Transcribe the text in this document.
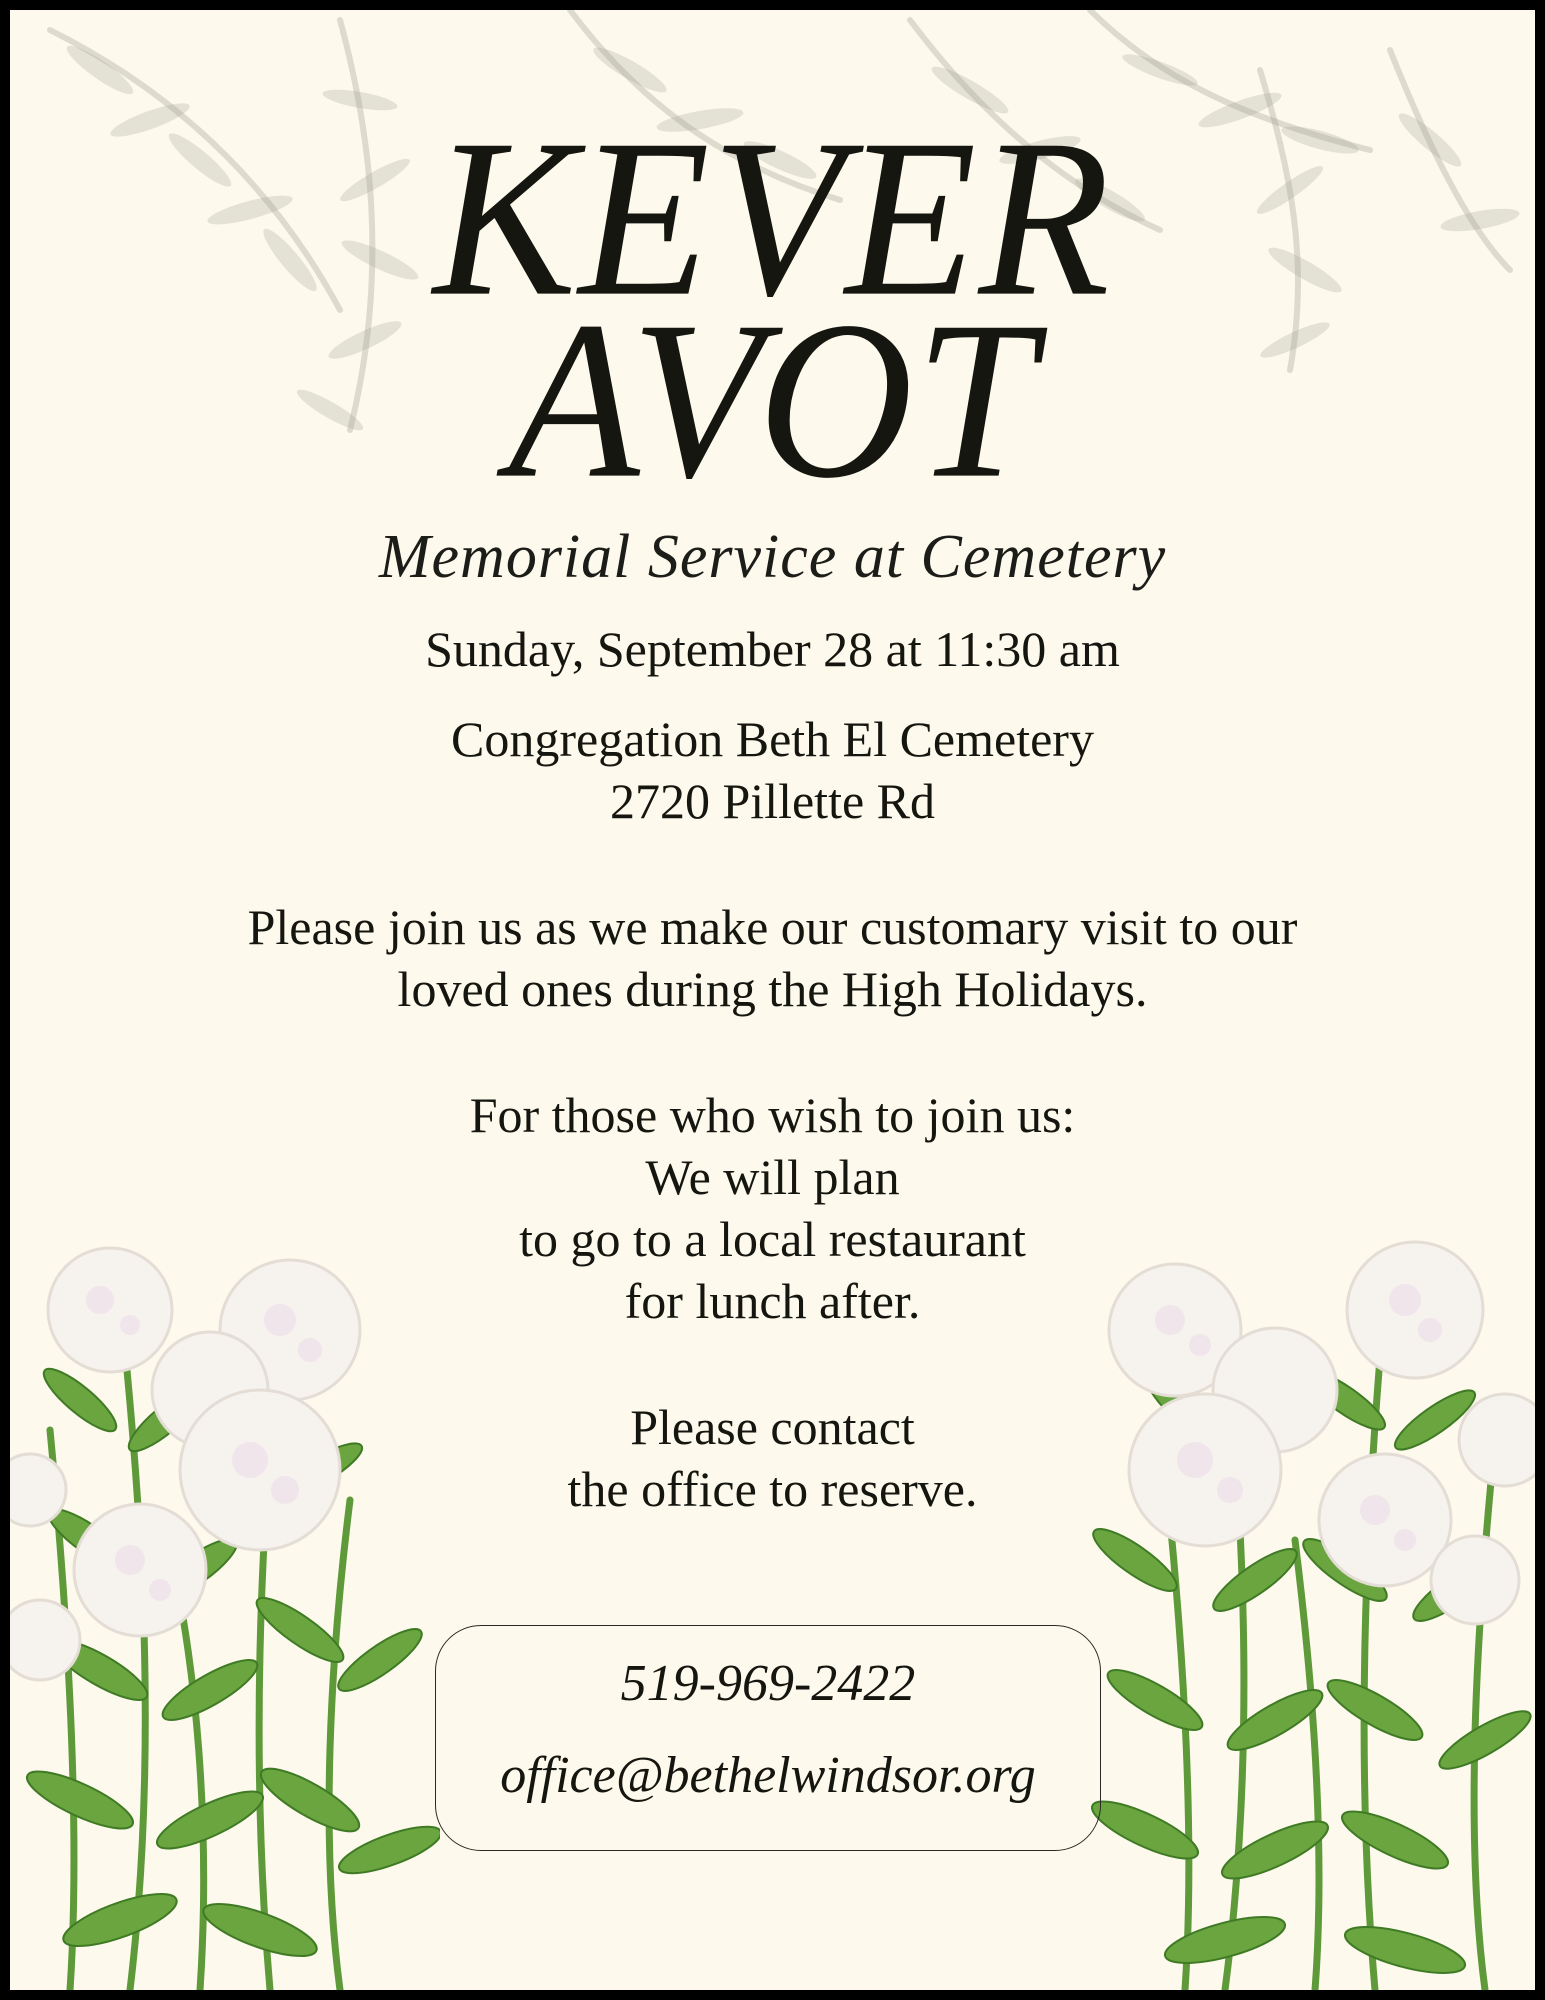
KEVER
AVOT
Memorial Service at Cemetery
Sunday, September 28 at 11:30 am
Congregation Beth El Cemetery
2720 Pillette Rd
Please join us as we make our customary visit to our
loved ones during the High Holidays.
For those who wish to join us:
We will plan
to go to a local restaurant
for lunch after.
Please contact
the office to reserve.
519-969-2422
office@bethelwindsor.org
